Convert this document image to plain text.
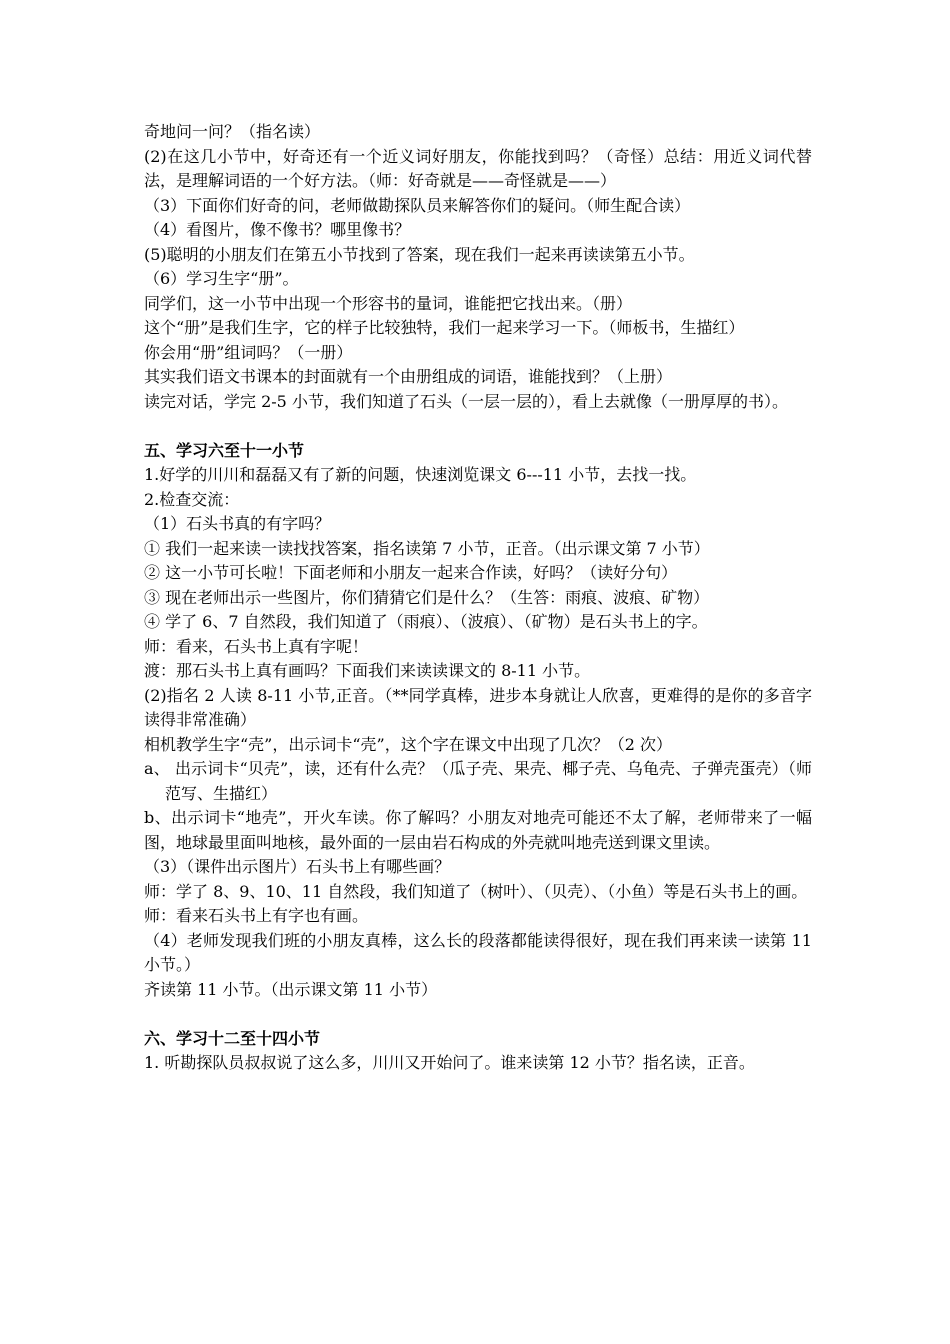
奇地问一问？（指名读）

(2)在这几小节中，好奇还有一个近义词好朋友，你能找到吗？（奇怪）总结：用近义词代替法，是理解词语的一个好方法。（师：好奇就是——奇怪就是——）

（3）下面你们好奇的问，老师做勘探队员来解答你们的疑问。（师生配合读）

（4）看图片，像不像书？哪里像书？

(5)聪明的小朋友们在第五小节找到了答案，现在我们一起来再读读第五小节。

（6）学习生字“册”。

同学们，这一小节中出现一个形容书的量词，谁能把它找出来。（册）

这个“册”是我们生字，它的样子比较独特，我们一起来学习一下。（师板书，生描红）

你会用“册”组词吗？（一册）

其实我们语文书课本的封面就有一个由册组成的词语，谁能找到？（上册）

读完对话，学完 2-5 小节，我们知道了石头（一层一层的），看上去就像（一册厚厚的书）。

五、学习六至十一小节

1.好学的川川和磊磊又有了新的问题，快速浏览课文 6---11 小节，去找一找。

2.检查交流：

（1）石头书真的有字吗？

① 我们一起来读一读找找答案，指名读第 7 小节，正音。（出示课文第 7 小节）

② 这一小节可长啦！下面老师和小朋友一起来合作读，好吗？（读好分句）

③ 现在老师出示一些图片，你们猜猜它们是什么？（生答：雨痕、波痕、矿物）

④ 学了 6、7 自然段，我们知道了（雨痕）、（波痕）、（矿物）是石头书上的字。

师：看来，石头书上真有字呢！

渡：那石头书上真有画吗？下面我们来读读课文的 8-11 小节。

(2)指名 2 人读 8-11 小节,正音。（**同学真棒，进步本身就让人欣喜，更难得的是你的多音字读得非常准确）

相机教学生字“壳”，出示词卡“壳”，这个字在课文中出现了几次？（2 次）

a、 出示词卡“贝壳”，读，还有什么壳？（瓜子壳、果壳、椰子壳、乌龟壳、子弹壳蛋壳）（师范写、生描红）

b、出示词卡“地壳”，开火车读。你了解吗？小朋友对地壳可能还不太了解，老师带来了一幅图，地球最里面叫地核，最外面的一层由岩石构成的外壳就叫地壳送到课文里读。

（3）（课件出示图片）石头书上有哪些画？

师：学了 8、9、10、11 自然段，我们知道了（树叶）、（贝壳）、（小鱼）等是石头书上的画。

师：看来石头书上有字也有画。

（4）老师发现我们班的小朋友真棒，这么长的段落都能读得很好，现在我们再来读一读第 11 小节。）

齐读第 11 小节。（出示课文第 11 小节）

六、学习十二至十四小节

1. 听勘探队员叔叔说了这么多，川川又开始问了。谁来读第 12 小节？指名读，正音。
